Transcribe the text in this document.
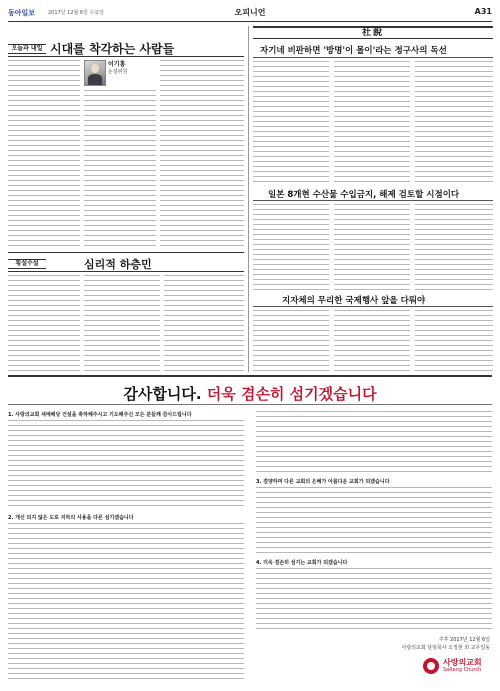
동아일보	2017년 12월 6일 수요일	오피니언	A31
오늘과 내일 시대를 착각하는 사람들
이기홍
논설위원
횡설수설	심리적 하층민
社說
자기네 비판하면 '방명'이 몰이'라는 정구사의 독선
일본 8개현 수산물 수입금지, 해제 검토할 시점이다
지자체의 무리한 국제행사 앞을 다뤄야
감사합니다. 더욱 겸손히 섬기겠습니다
1. 사랑의교회 새예배당 건설을 축하해주시고 기도해주신 모든 분들께 감사드립니다
2. 개신 되지 않은 도로 지하의 사용을 다른 섬기겠습니다
3. 겸양하며 다른 교회의 은혜가 아름다운 교회가 되겠습니다
4. 더욱 겸손히 섬기는 교회가 되겠습니다
주후 2017년 12월 6일
사랑의교회 담임목사 오정현 외 교우일동
사랑의교회
SaRang Church
